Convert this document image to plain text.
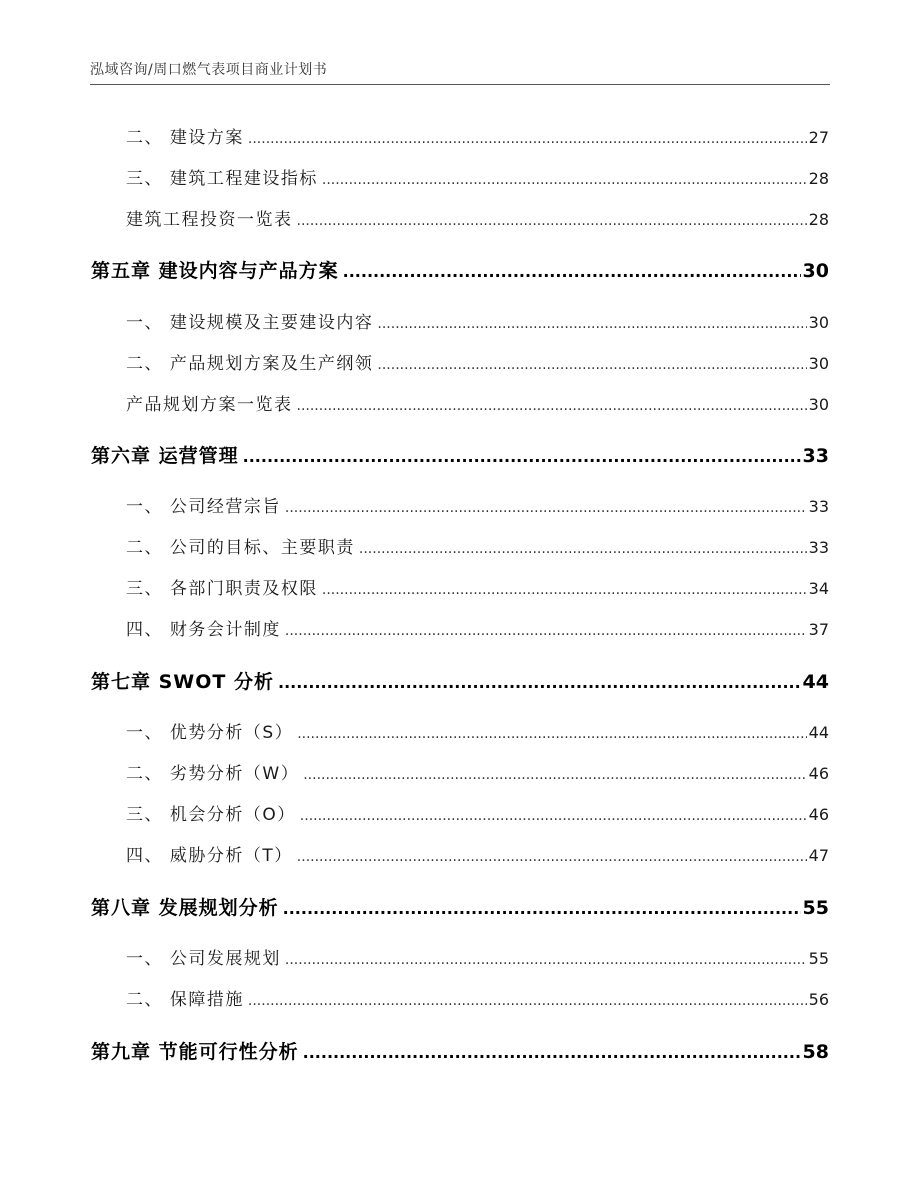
泓域咨询/周口燃气表项目商业计划书
二、 建设方案 .....	27
三、 建筑工程建设指标 .....	28
建筑工程投资一览表 .....	28
第五章 建设内容与产品方案 .....	30
一、 建设规模及主要建设内容 .....	30
二、 产品规划方案及生产纲领 .....	30
产品规划方案一览表 .....	30
第六章 运营管理 .....	33
一、 公司经营宗旨 .....	33
二、 公司的目标、主要职责 .....	33
三、 各部门职责及权限 .....	34
四、 财务会计制度 .....	37
第七章 SWOT 分析 .....	44
一、 优势分析（S） .....	44
二、 劣势分析（W） .....	46
三、 机会分析（O） .....	46
四、 威胁分析（T） .....	47
第八章 发展规划分析 .....	55
一、 公司发展规划 .....	55
二、 保障措施 .....	56
第九章 节能可行性分析 .....	58
